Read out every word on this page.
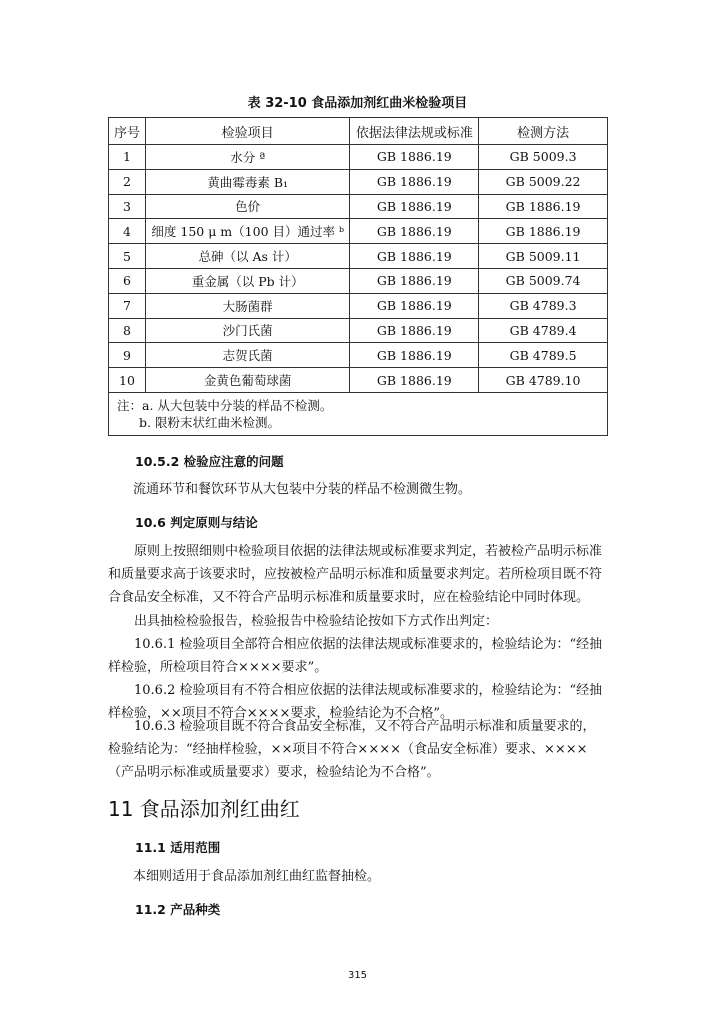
表 32-10 食品添加剂红曲米检验项目
序号	检验项目	依据法律法规或标准	检测方法
1	水分 ª	GB 1886.19	GB 5009.3
2	黄曲霉毒素 B₁	GB 1886.19	GB 5009.22
3	色价	GB 1886.19	GB 1886.19
4	细度 150 μ m（100 目）通过率 ᵇ	GB 1886.19	GB 1886.19
5	总砷（以 As 计）	GB 1886.19	GB 5009.11
6	重金属（以 Pb 计）	GB 1886.19	GB 5009.74
7	大肠菌群	GB 1886.19	GB 4789.3
8	沙门氏菌	GB 1886.19	GB 4789.4
9	志贺氏菌	GB 1886.19	GB 4789.5
10	金黄色葡萄球菌	GB 1886.19	GB 4789.10

注：a. 从大包装中分装的样品不检测。
b. 限粉末状红曲米检测。			
10.5.2 检验应注意的问题
流通环节和餐饮环节从大包装中分装的样品不检测微生物。
10.6 判定原则与结论
原则上按照细则中检验项目依据的法律法规或标准要求判定，若被检产品明示标准和质量要求高于该要求时，应按被检产品明示标准和质量要求判定。若所检项目既不符合食品安全标准，又不符合产品明示标准和质量要求时，应在检验结论中同时体现。
出具抽检检验报告，检验报告中检验结论按如下方式作出判定：
10.6.1 检验项目全部符合相应依据的法律法规或标准要求的，检验结论为：“经抽样检验，所检项目符合××××要求”。
10.6.2 检验项目有不符合相应依据的法律法规或标准要求的，检验结论为：“经抽样检验，××项目不符合××××要求，检验结论为不合格”。
10.6.3 检验项目既不符合食品安全标准，又不符合产品明示标准和质量要求的，检验结论为：“经抽样检验，××项目不符合××××（食品安全标准）要求、××××（产品明示标准或质量要求）要求，检验结论为不合格”。
11 食品添加剂红曲红
11.1 适用范围
本细则适用于食品添加剂红曲红监督抽检。
11.2 产品种类
315
